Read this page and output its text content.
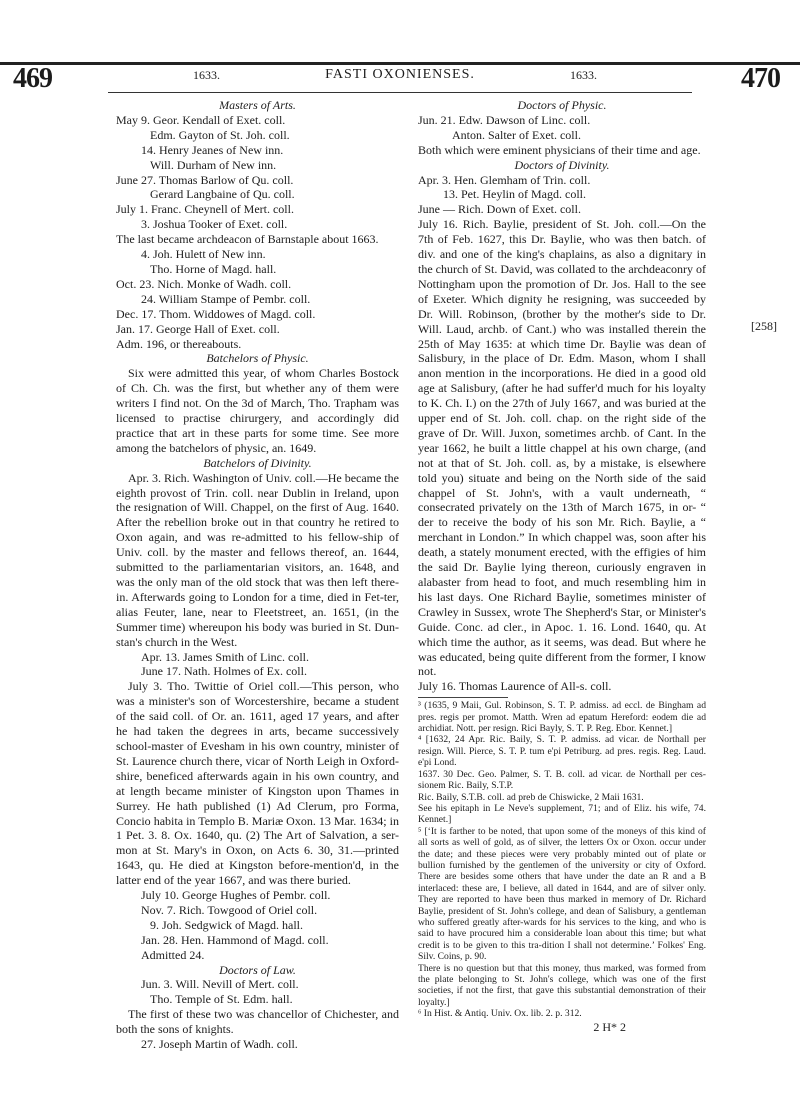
469	1633.	FASTI OXONIENSES.	1633.	470

Masters of Arts.

May 9. Geor. Kendall of Exet. coll.

Edm. Gayton of St. Joh. coll.

14. Henry Jeanes of New inn.

Will. Durham of New inn.

June 27. Thomas Barlow of Qu. coll.

Gerard Langbaine of Qu. coll.

July 1. Franc. Cheynell of Mert. coll.

3. Joshua Tooker of Exet. coll.

The last became archdeacon of Barnstaple about 1663.

4. Joh. Hulett of New inn.

Tho. Horne of Magd. hall.

Oct. 23. Nich. Monke of Wadh. coll.

24. William Stampe of Pembr. coll.

Dec. 17. Thom. Widdowes of Magd. coll.

Jan. 17. George Hall of Exet. coll.

Adm. 196, or thereabouts.

Batchelors of Physic.

Six were admitted this year, of whom Charles Bostock of Ch. Ch. was the first, but whether any of them were writers I find not. On the 3d of March, Tho. Trapham was licensed to practise chirurgery, and accordingly did practice that art in these parts for some time. See more among the batchelors of physic, an. 1649.

Batchelors of Divinity.

Apr. 3. Rich. Washington of Univ. coll.—He became the eighth provost of Trin. coll. near Dublin in Ireland, upon the resignation of Will. Chappel, on the first of Aug. 1640. After the rebellion broke out in that country he retired to Oxon again, and was re-admitted to his fellow-ship of Univ. coll. by the master and fellows thereof, an. 1644, submitted to the parliamentarian visitors, an. 1648, and was the only man of the old stock that was then left there-in. Afterwards going to London for a time, died in Fet-ter, alias Feuter, lane, near to Fleetstreet, an. 1651, (in the Summer time) whereupon his body was buried in St. Dun-stan's church in the West.

Apr. 13. James Smith of Linc. coll.

June 17. Nath. Holmes of Ex. coll.

July 3. Tho. Twittie of Oriel coll.—This person, who was a minister's son of Worcestershire, became a student of the said coll. of Or. an. 1611, aged 17 years, and after he had taken the degrees in arts, became successively school-master of Evesham in his own country, minister of St. Laurence church there, vicar of North Leigh in Oxford-shire, beneficed afterwards again in his own country, and at length became minister of Kingston upon Thames in Surrey. He hath published (1) Ad Clerum, pro Forma, Concio habita in Templo B. Mariæ Oxon. 13 Mar. 1634; in 1 Pet. 3. 8. Ox. 1640, qu. (2) The Art of Salvation, a ser-mon at St. Mary's in Oxon, on Acts 6. 30, 31.—printed 1643, qu. He died at Kingston before-mention'd, in the latter end of the year 1667, and was there buried.

July 10. George Hughes of Pembr. coll.

Nov. 7. Rich. Towgood of Oriel coll.

9. Joh. Sedgwick of Magd. hall.

Jan. 28. Hen. Hammond of Magd. coll.

Admitted 24.

Doctors of Law.

Jun. 3. Will. Nevill of Mert. coll.

Tho. Temple of St. Edm. hall.

The first of these two was chancellor of Chichester, and both the sons of knights.

27. Joseph Martin of Wadh. coll.

Doctors of Physic.

Jun. 21. Edw. Dawson of Linc. coll.

Anton. Salter of Exet. coll.

Both which were eminent physicians of their time and age.

Doctors of Divinity.

Apr. 3. Hen. Glemham of Trin. coll.

13. Pet. Heylin of Magd. coll.

June — Rich. Down of Exet. coll.

July 16. Rich. Baylie, president of St. Joh. coll.—On the 7th of Feb. 1627, this Dr. Baylie, who was then batch. of div. and one of the king's chaplains, as also a dignitary in the church of St. David, was collated to the archdeaconry of Nottingham upon the promotion of Dr. Jos. Hall to the see of Exeter. Which dignity he resigning, was succeeded by Dr. Will. Robinson, (brother by the mother's side to Dr. Will. Laud, archb. of Cant.) who was installed therein the 25th of May 1635: at which time Dr. Baylie was dean of Salisbury, in the place of Dr. Edm. Mason, whom I shall anon mention in the incorporations. He died in a good old age at Salisbury, (after he had suffer'd much for his loyalty to K. Ch. I.) on the 27th of July 1667, and was buried at the upper end of St. Joh. coll. chap. on the right side of the grave of Dr. Will. Juxon, sometimes archb. of Cant. In the year 1662, he built a little chappel at his own charge, (and not at that of St. Joh. coll. as, by a mistake, is elsewhere told you) situate and being on the North side of the said chappel of St. John's, with a vault underneath, “ consecrated privately on the 13th of March 1675, in or- “ der to receive the body of his son Mr. Rich. Baylie, a “ merchant in London.” In which chappel was, soon after his death, a stately monument erected, with the effigies of him the said Dr. Baylie lying thereon, curiously engraven in alabaster from head to foot, and much resembling him in his last days. One Richard Baylie, sometimes minister of Crawley in Sussex, wrote The Shepherd's Star, or Minister's Guide. Conc. ad cler., in Apoc. 1. 16. Lond. 1640, qu. At which time the author, as it seems, was dead. But where he was educated, being quite different from the former, I know not.

July 16. Thomas Laurence of All-s. coll.

³ (1635, 9 Maii, Gul. Robinson, S. T. P. admiss. ad eccl. de Bingham ad pres. regis per promot. Matth. Wren ad epatum Hereford: eodem die ad archidiat. Nott. per resign. Rici Bayly, S. T. P. Reg. Ebor. Kennet.]

⁴ [1632, 24 Apr. Ric. Baily, S. T. P. admiss. ad vicar. de Northall per resign. Will. Pierce, S. T. P. tum e'pi Petriburg. ad pres. regis. Reg. Laud. e'pi Lond.

1637. 30 Dec. Geo. Palmer, S. T. B. coll. ad vicar. de Northall per ces-sionem Ric. Baily, S.T.P.

Ric. Baily, S.T.B. coll. ad preb de Chiswicke, 2 Maii 1631.

See his epitaph in Le Neve's supplement, 71; and of Eliz. his wife, 74. Kennet.]

⁵ [‘It is farther to be noted, that upon some of the moneys of this kind of all sorts as well of gold, as of silver, the letters Ox or Oxon. occur under the date; and these pieces were very probably minted out of plate or bullion furnished by the gentlemen of the university or city of Oxford. There are besides some others that have under the date an R and a B interlaced: these are, I believe, all dated in 1644, and are of silver only. They are reported to have been thus marked in memory of Dr. Richard Baylie, president of St. John's college, and dean of Salisbury, a gentleman who suffered greatly after-wards for his services to the king, and who is said to have procured him a considerable loan about this time; but what credit is to be given to this tra-dition I shall not determine.’ Folkes' Eng. Silv. Coins, p. 90.

There is no question but that this money, thus marked, was formed from the plate belonging to St. John's college, which was one of the first societies, if not the first, that gave this substantial demonstration of their loyalty.]

⁶ In Hist. & Antiq. Univ. Ox. lib. 2. p. 312.

2 H* 2

[258]
